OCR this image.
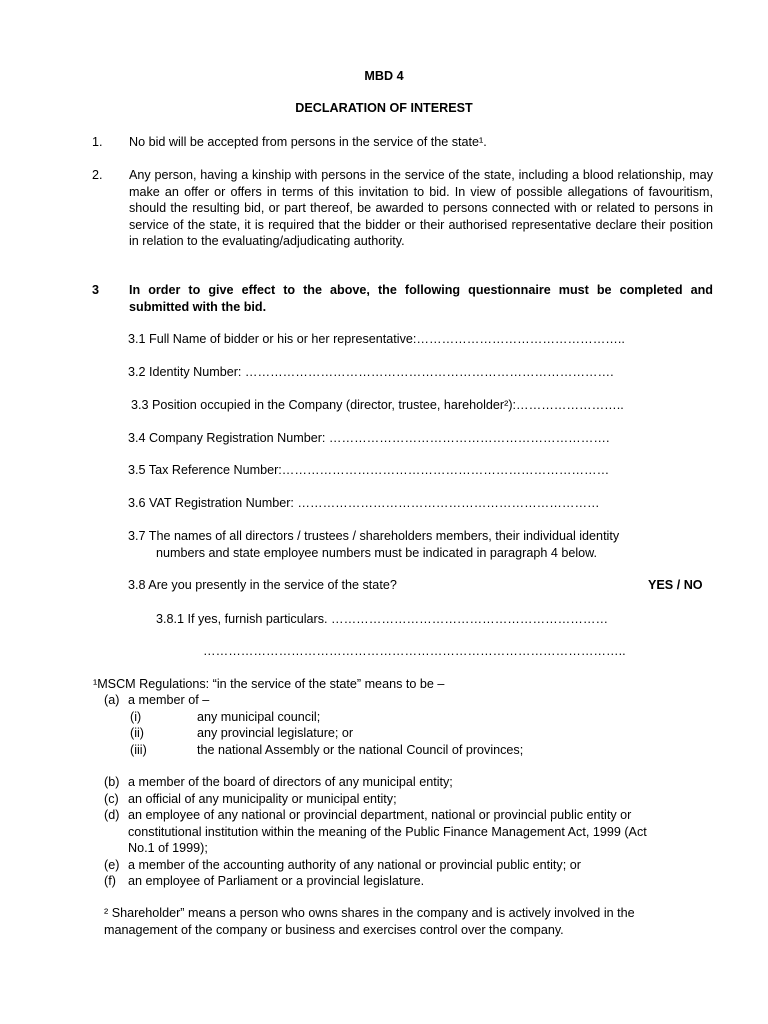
MBD 4
DECLARATION OF INTEREST
1. No bid will be accepted from persons in the service of the state¹.
2. Any person, having a kinship with persons in the service of the state, including a blood relationship, may make an offer or offers in terms of this invitation to bid. In view of possible allegations of favouritism, should the resulting bid, or part thereof, be awarded to persons connected with or related to persons in service of the state, it is required that the bidder or their authorised representative declare their position in relation to the evaluating/adjudicating authority.
3 In order to give effect to the above, the following questionnaire must be completed and submitted with the bid.
3.1 Full Name of bidder or his or her representative:…………………………………………..
3.2 Identity Number: …………………………………………………………………………….
3.3 Position occupied in the Company (director, trustee, hareholder²):……………………..
3.4 Company Registration Number: ………………………………………………………….
3.5 Tax Reference Number:……………………………………………………………………
3.6 VAT Registration Number: ………………………………………………………………
3.7 The names of all directors / trustees / shareholders members, their individual identity
numbers and state employee numbers must be indicated in paragraph 4 below.
3.8 Are you presently in the service of the state?	YES / NO
3.8.1 If yes, furnish particulars. …………………………………………………………
………………………………………………………………………………………..
¹MSCM Regulations: “in the service of the state” means to be –
(a) a member of –
(i)	any municipal council;
(ii)	any provincial legislature; or
(iii)	the national Assembly or the national Council of provinces;
(b) a member of the board of directors of any municipal entity;
(c) an official of any municipality or municipal entity;
(d) an employee of any national or provincial department, national or provincial public entity or
constitutional institution within the meaning of the Public Finance Management Act, 1999 (Act
No.1 of 1999);
(e) a member of the accounting authority of any national or provincial public entity; or
(f) an employee of Parliament or a provincial legislature.
² Shareholder” means a person who owns shares in the company and is actively involved in the
management of the company or business and exercises control over the company.
